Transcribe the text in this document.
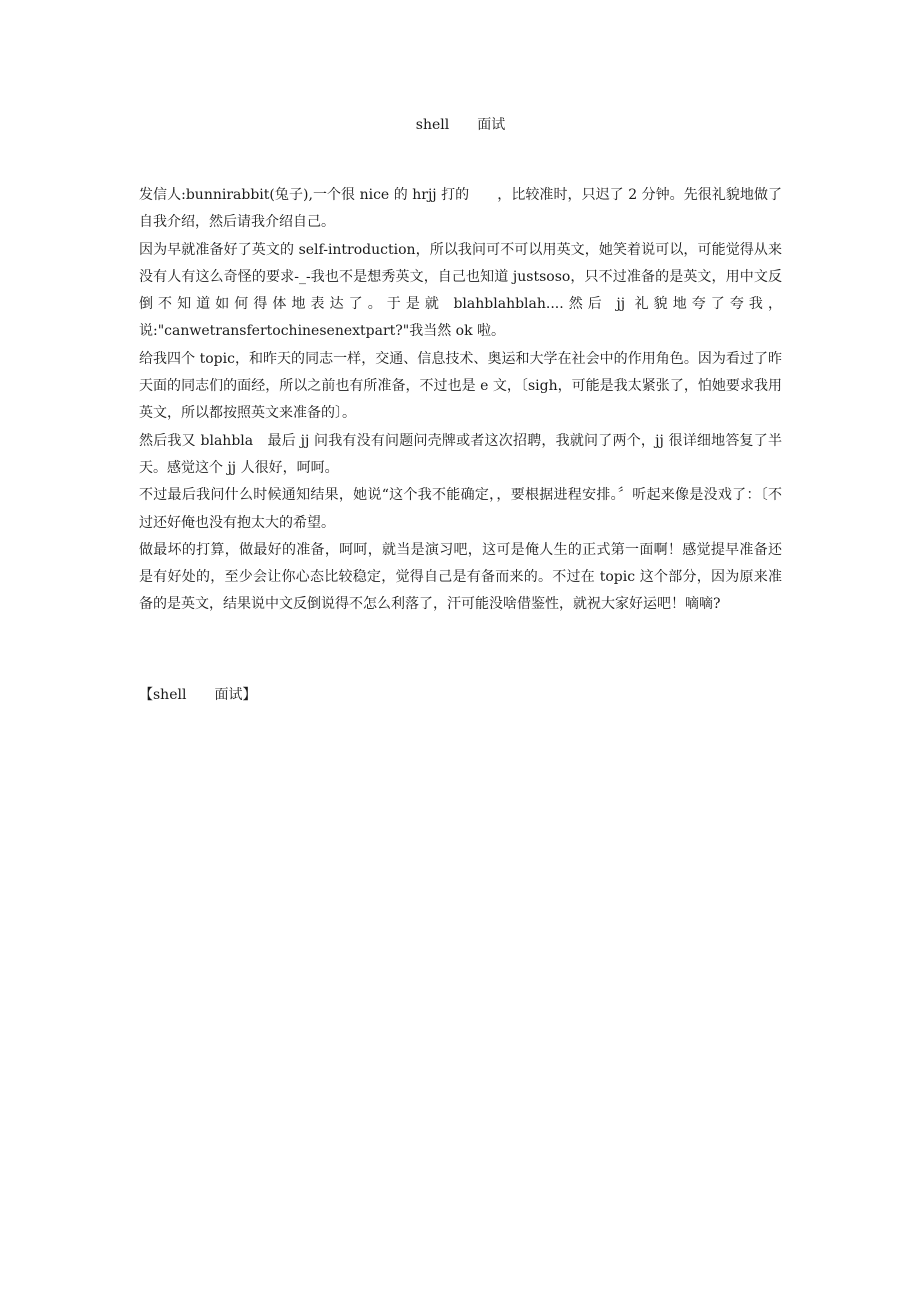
shell　　面试

发信人:bunnirabbit(兔子),一个很 nice 的 hrjj 打的　　，比较准时，只迟了 2 分钟。先很礼貌地做了自我介绍，然后请我介绍自己。

因为早就准备好了英文的 self-introduction，所以我问可不可以用英文，她笑着说可以，可能觉得从来没有人有这么奇怪的要求-_-我也不是想秀英文，自己也知道 justsoso，只不过准备的是英文，用中文反倒不知道如何得体地表达了。于是就 blahblahblah....然后 jj 礼貌地夸了夸我，说:"canwetransfertochinesenextpart?"我当然 ok 啦。

给我四个 topic，和昨天的同志一样，交通、信息技术、奥运和大学在社会中的作用角色。因为看过了昨天面的同志们的面经，所以之前也有所准备，不过也是 e 文，〔sigh，可能是我太紧张了，怕她要求我用英文，所以都按照英文来准备的〕。

然后我又 blahbla　最后 jj 问我有没有问题问壳牌或者这次招聘，我就问了两个，jj 很详细地答复了半天。感觉这个 jj 人很好，呵呵。

不过最后我问什么时候通知结果，她说“这个我不能确定，，要根据进程安排。〞听起来像是没戏了：〔不过还好俺也没有抱太大的希望。

做最坏的打算，做最好的准备，呵呵，就当是演习吧，这可是俺人生的正式第一面啊！感觉提早准备还是有好处的，至少会让你心态比较稳定，觉得自己是有备而来的。不过在 topic 这个部分，因为原来准备的是英文，结果说中文反倒说得不怎么利落了，汗可能没啥借鉴性，就祝大家好运吧！嘀嘀?

【shell　　面试】
